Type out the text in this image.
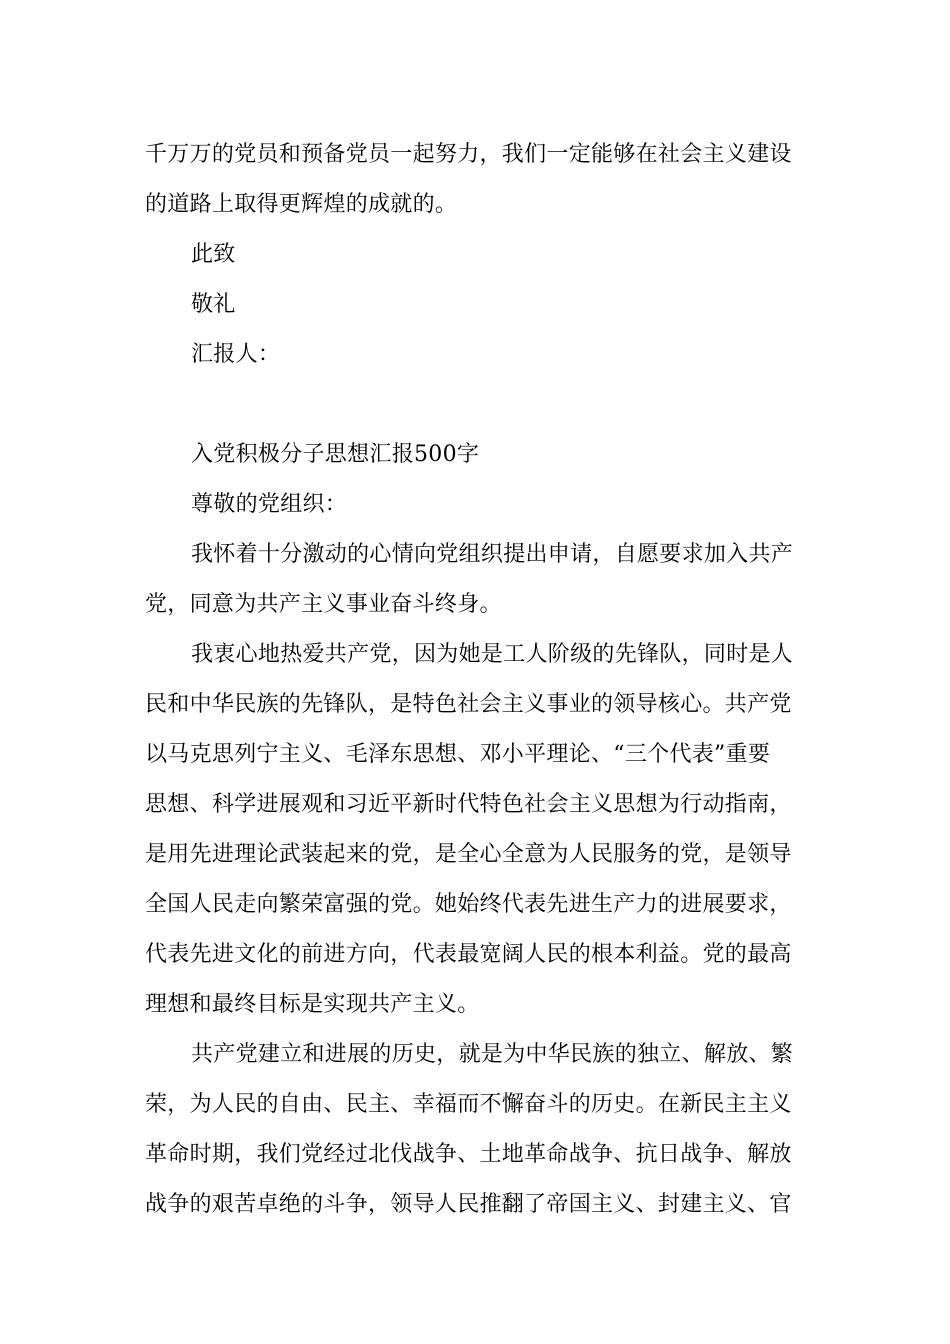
千万万的党员和预备党员一起努力，我们一定能够在社会主义建设
的道路上取得更辉煌的成就的。
此致
敬礼
汇报人：
入党积极分子思想汇报500字
尊敬的党组织：
我怀着十分激动的心情向党组织提出申请，自愿要求加入共产
党，同意为共产主义事业奋斗终身。
我衷心地热爱共产党，因为她是工人阶级的先锋队，同时是人
民和中华民族的先锋队，是特色社会主义事业的领导核心。共产党
以马克思列宁主义、毛泽东思想、邓小平理论、“三个代表”重要
思想、科学进展观和习近平新时代特色社会主义思想为行动指南，
是用先进理论武装起来的党，是全心全意为人民服务的党，是领导
全国人民走向繁荣富强的党。她始终代表先进生产力的进展要求，
代表先进文化的前进方向，代表最宽阔人民的根本利益。党的最高
理想和最终目标是实现共产主义。
共产党建立和进展的历史，就是为中华民族的独立、解放、繁
荣，为人民的自由、民主、幸福而不懈奋斗的历史。在新民主主义
革命时期，我们党经过北伐战争、土地革命战争、抗日战争、解放
战争的艰苦卓绝的斗争，领导人民推翻了帝国主义、封建主义、官
